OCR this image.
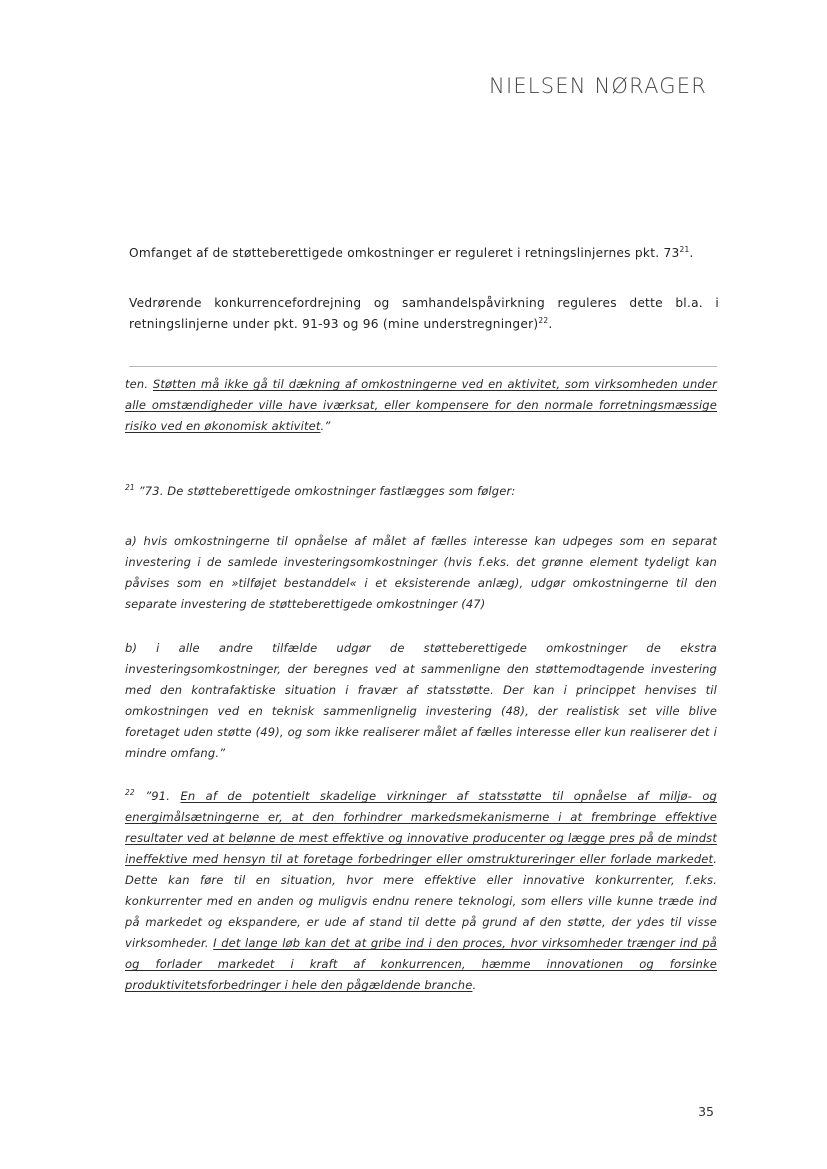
NIELSEN NØRAGER
Omfanget af de støtteberettigede omkostninger er reguleret i retningslinjernes pkt. $73^{21}$.
Vedrørende konkurrencefordrejning og samhandelspåvirkning reguleres dette bl.a. i retningslinjerne under pkt. 91-93 og 96 (mine understregninger)$^{22}$.

ten. Støtten må ikke gå til dækning af omkostningerne ved en aktivitet, som virksomheden under alle omstændigheder ville have iværksat, eller kompensere for den normale forretningsmæssige risiko ved en økonomisk aktivitet.”

$^{21}$ ”73. De støtteberettigede omkostninger fastlægges som følger:

a) hvis omkostningerne til opnåelse af målet af fælles interesse kan udpeges som en separat investering i de samlede investeringsomkostninger (hvis f.eks. det grønne element tydeligt kan påvises som en »tilføjet bestanddel« i et eksisterende anlæg), udgør omkostningerne til den separate investering de støtteberettigede omkostninger (47)

b) i alle andre tilfælde udgør de støtteberettigede omkostninger de ekstra investeringsomkostninger, der beregnes ved at sammenligne den støttemodtagende investering med den kontrafaktiske situation i fravær af statsstøtte. Der kan i princippet henvises til omkostningen ved en teknisk sammenlignelig investering (48), der realistisk set ville blive foretaget uden støtte (49), og som ikke realiserer målet af fælles interesse eller kun realiserer det i mindre omfang.”

$^{22}$ ”91. En af de potentielt skadelige virkninger af statsstøtte til opnåelse af miljø- og energimålsætningerne er, at den forhindrer markedsmekanismerne i at frembringe effektive resultater ved at belønne de mest effektive og innovative producenter og lægge pres på de mindst ineffektive med hensyn til at foretage forbedringer eller omstruktureringer eller forlade markedet. Dette kan føre til en situation, hvor mere effektive eller innovative konkurrenter, f.eks. konkurrenter med en anden og muligvis endnu renere teknologi, som ellers ville kunne træde ind på markedet og ekspandere, er ude af stand til dette på grund af den støtte, der ydes til visse virksomheder. I det lange løb kan det at gribe ind i den proces, hvor virksomheder trænger ind på og forlader markedet i kraft af konkurrencen, hæmme innovationen og forsinke produktivitetsforbedringer i hele den pågældende branche.

35
